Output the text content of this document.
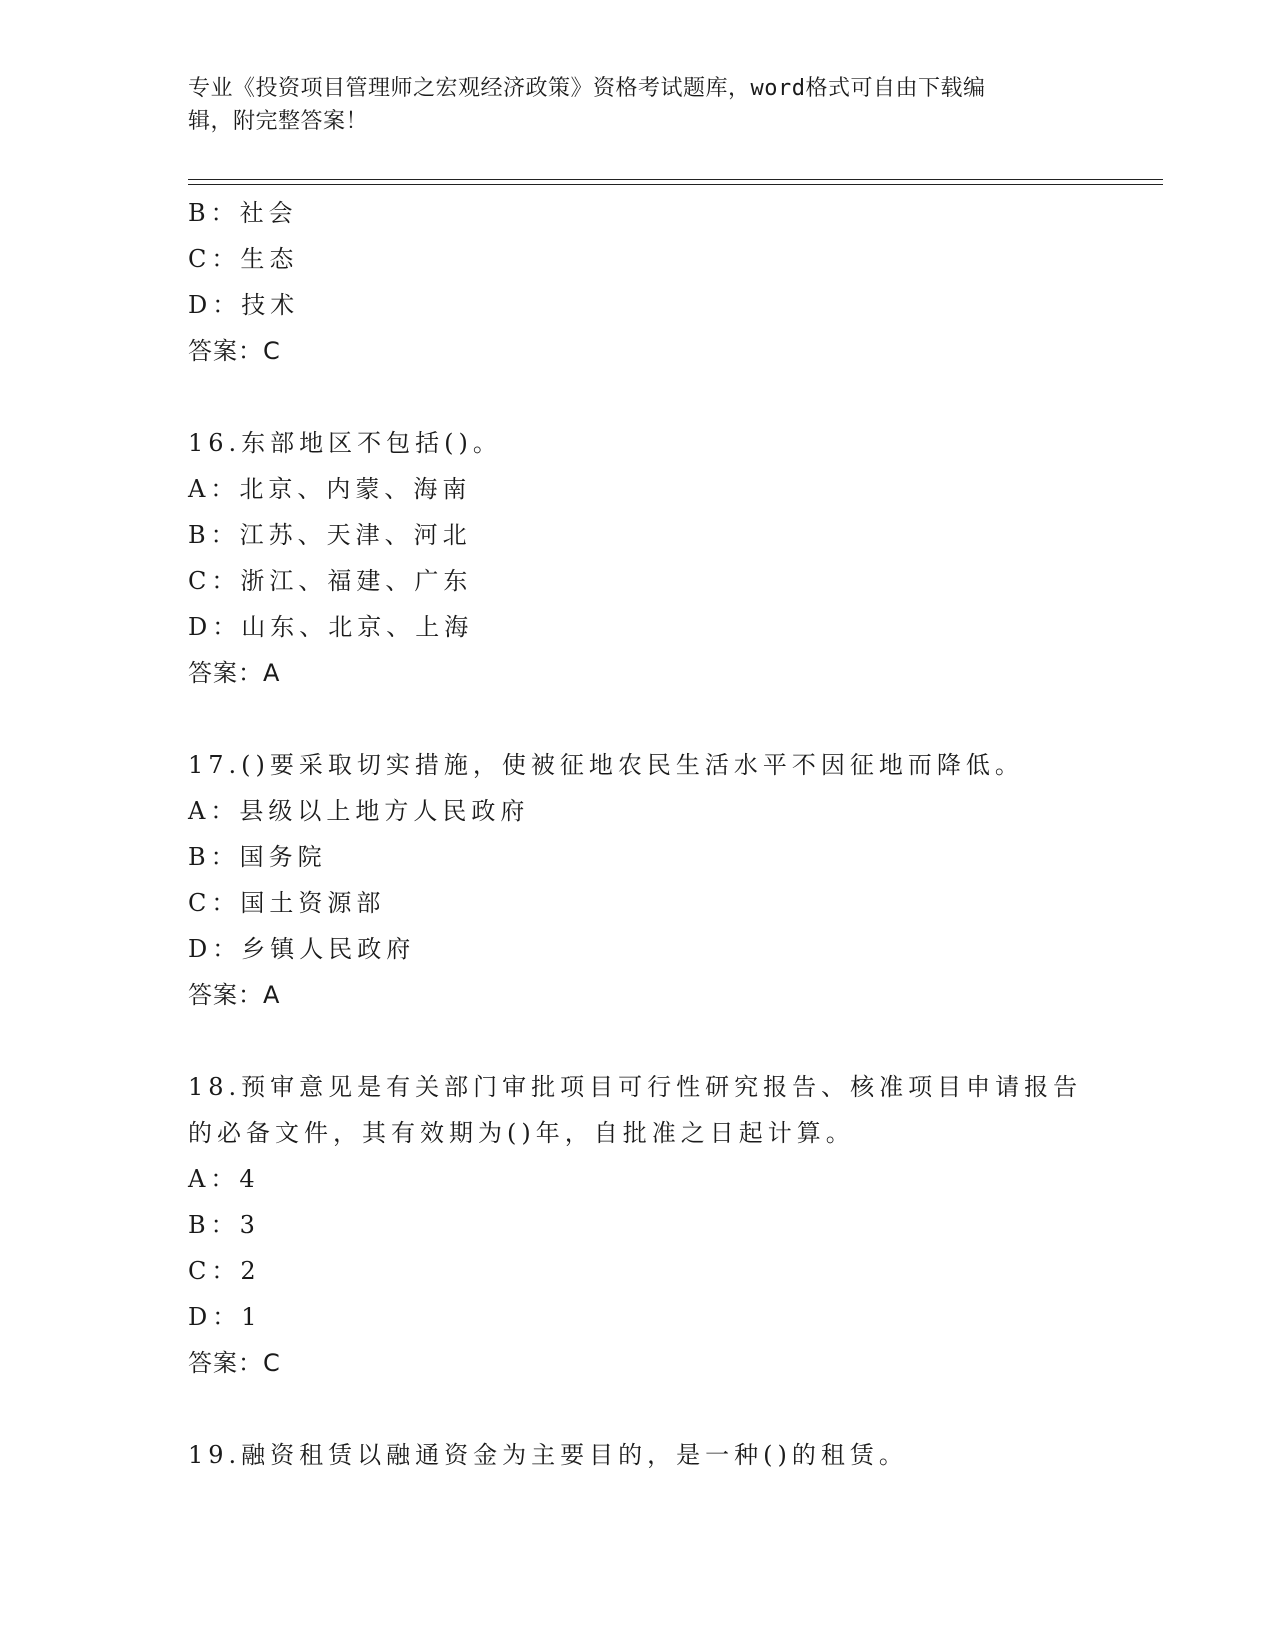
专业《投资项目管理师之宏观经济政策》资格考试题库，word格式可自由下载编
辑，附完整答案！
B：社会
C：生态
D：技术
答案：C
16.东部地区不包括()。
A：北京、内蒙、海南
B：江苏、天津、河北
C：浙江、福建、广东
D：山东、北京、上海
答案：A
17.()要采取切实措施，使被征地农民生活水平不因征地而降低。
A：县级以上地方人民政府
B：国务院
C：国土资源部
D：乡镇人民政府
答案：A
18.预审意见是有关部门审批项目可行性研究报告、核准项目申请报告
的必备文件，其有效期为()年，自批准之日起计算。
A：4
B：3
C：2
D：1
答案：C
19.融资租赁以融通资金为主要目的，是一种()的租赁。
